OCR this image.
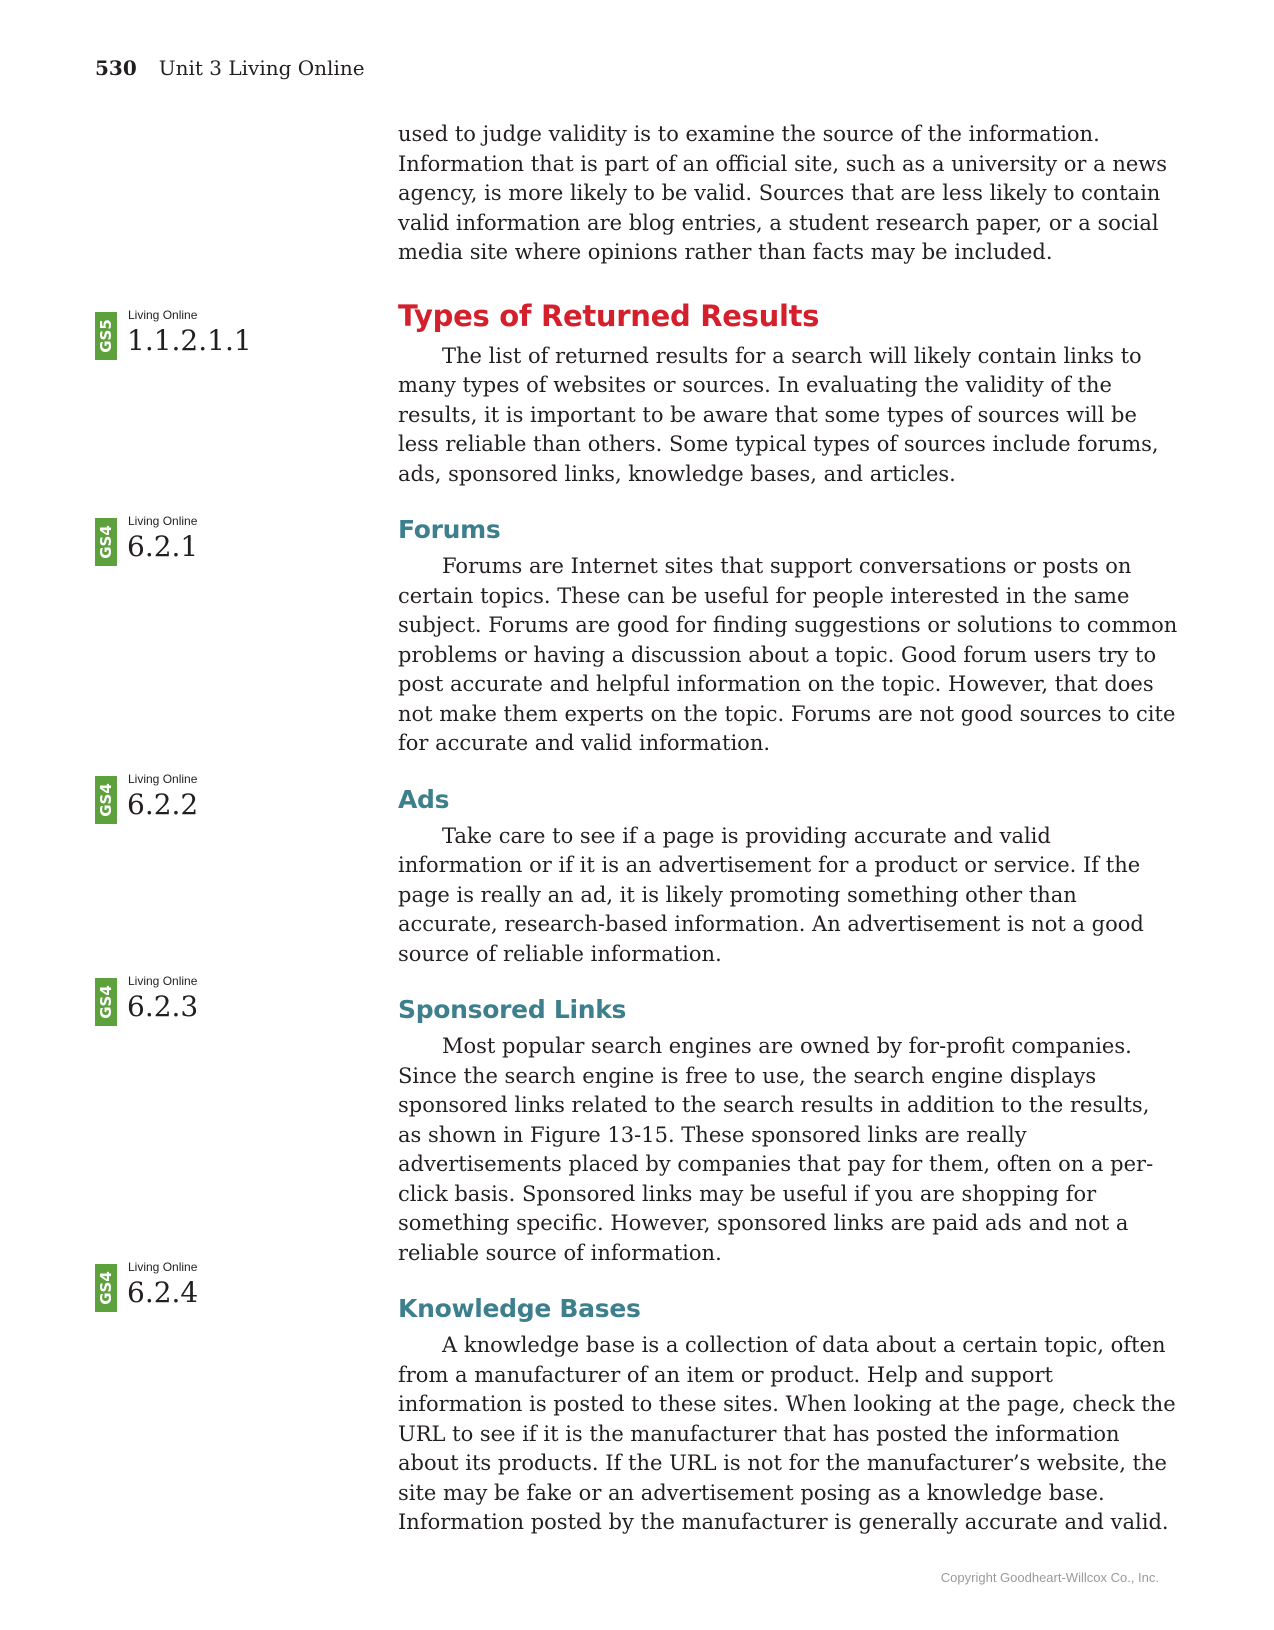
530 Unit 3 Living Online
GS5
Living Online
1.1.2.1.1
GS4
Living Online
6.2.1
GS4
Living Online
6.2.2
GS4
Living Online
6.2.3
GS4
Living Online
6.2.4

used to judge validity is to examine the source of the information. Information that is part of an official site, such as a university or a news agency, is more likely to be valid. Sources that are less likely to contain valid information are blog entries, a student research paper, or a social media site where opinions rather than facts may be included.

Types of Returned Results

The list of returned results for a search will likely contain links to many types of websites or sources. In evaluating the validity of the results, it is important to be aware that some types of sources will be less reliable than others. Some typical types of sources include forums, ads, sponsored links, knowledge bases, and articles.

Forums

Forums are Internet sites that support conversations or posts on certain topics. These can be useful for people interested in the same subject. Forums are good for finding suggestions or solutions to common problems or having a discussion about a topic. Good forum users try to post accurate and helpful information on the topic. However, that does not make them experts on the topic. Forums are not good sources to cite for accurate and valid information.

Ads

Take care to see if a page is providing accurate and valid information or if it is an advertisement for a product or service. If the page is really an ad, it is likely promoting something other than accurate, research-based information. An advertisement is not a good source of reliable information.

Sponsored Links

Most popular search engines are owned by for-profit companies. Since the search engine is free to use, the search engine displays sponsored links related to the search results in addition to the results, as shown in Figure 13-15. These sponsored links are really advertisements placed by companies that pay for them, often on a per-click basis. Sponsored links may be useful if you are shopping for something specific. However, sponsored links are paid ads and not a reliable source of information.

Knowledge Bases

A knowledge base is a collection of data about a certain topic, often from a manufacturer of an item or product. Help and support information is posted to these sites. When looking at the page, check the URL to see if it is the manufacturer that has posted the information about its products. If the URL is not for the manufacturer’s website, the site may be fake or an advertisement posing as a knowledge base. Information posted by the manufacturer is generally accurate and valid.

Copyright Goodheart-Willcox Co., Inc.
